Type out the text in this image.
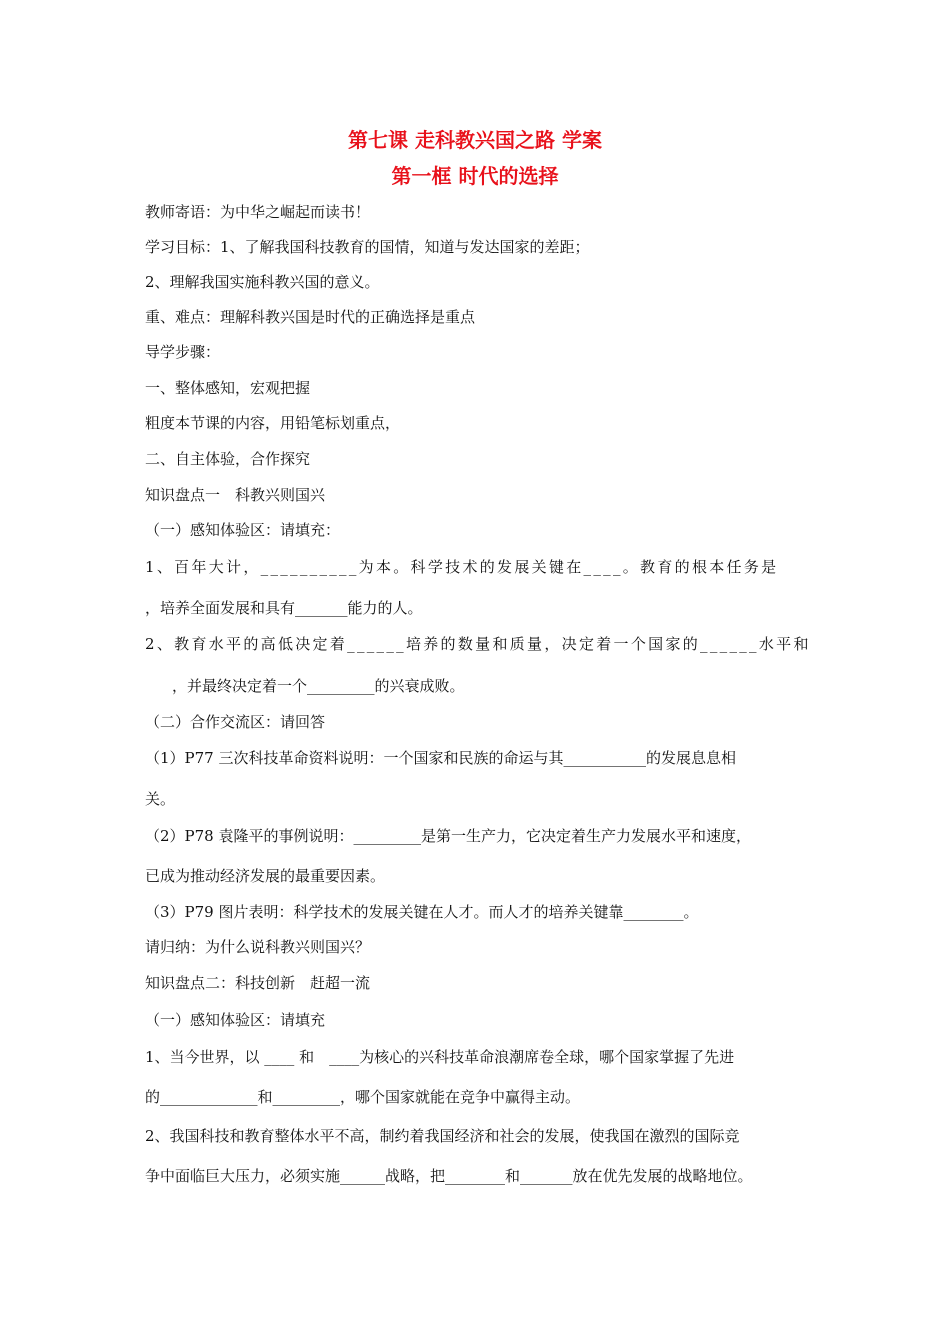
第七课 走科教兴国之路 学案
第一框 时代的选择
教师寄语：为中华之崛起而读书！
学习目标：1、了解我国科技教育的国情，知道与发达国家的差距；
2、理解我国实施科教兴国的意义。
重、难点：理解科教兴国是时代的正确选择是重点
导学步骤：
一、整体感知，宏观把握
粗度本节课的内容，用铅笔标划重点，
二、自主体验，合作探究
知识盘点一　科教兴则国兴
（一）感知体验区：请填充：
1、百年大计，__________为本。科学技术的发展关键在____。教育的根本任务是
，培养全面发展和具有_______能力的人。
2、教育水平的高低决定着______培养的数量和质量，决定着一个国家的______水平和
，并最终决定着一个_________的兴衰成败。
（二）合作交流区：请回答
（1）P77 三次科技革命资料说明：一个国家和民族的命运与其___________的发展息息相
关。
（2）P78 袁隆平的事例说明：_________是第一生产力，它决定着生产力发展水平和速度，
已成为推动经济发展的最重要因素。
（3）P79 图片表明：科学技术的发展关键在人才。而人才的培养关键靠________。
请归纳：为什么说科教兴则国兴？
知识盘点二：科技创新　赶超一流
（一）感知体验区：请填充
1、当今世界，以 ____ 和　____为核心的兴科技革命浪潮席卷全球，哪个国家掌握了先进
的_____________和_________，哪个国家就能在竞争中赢得主动。
2、我国科技和教育整体水平不高，制约着我国经济和社会的发展，使我国在激烈的国际竞
争中面临巨大压力，必须实施______战略，把________和_______放在优先发展的战略地位。
